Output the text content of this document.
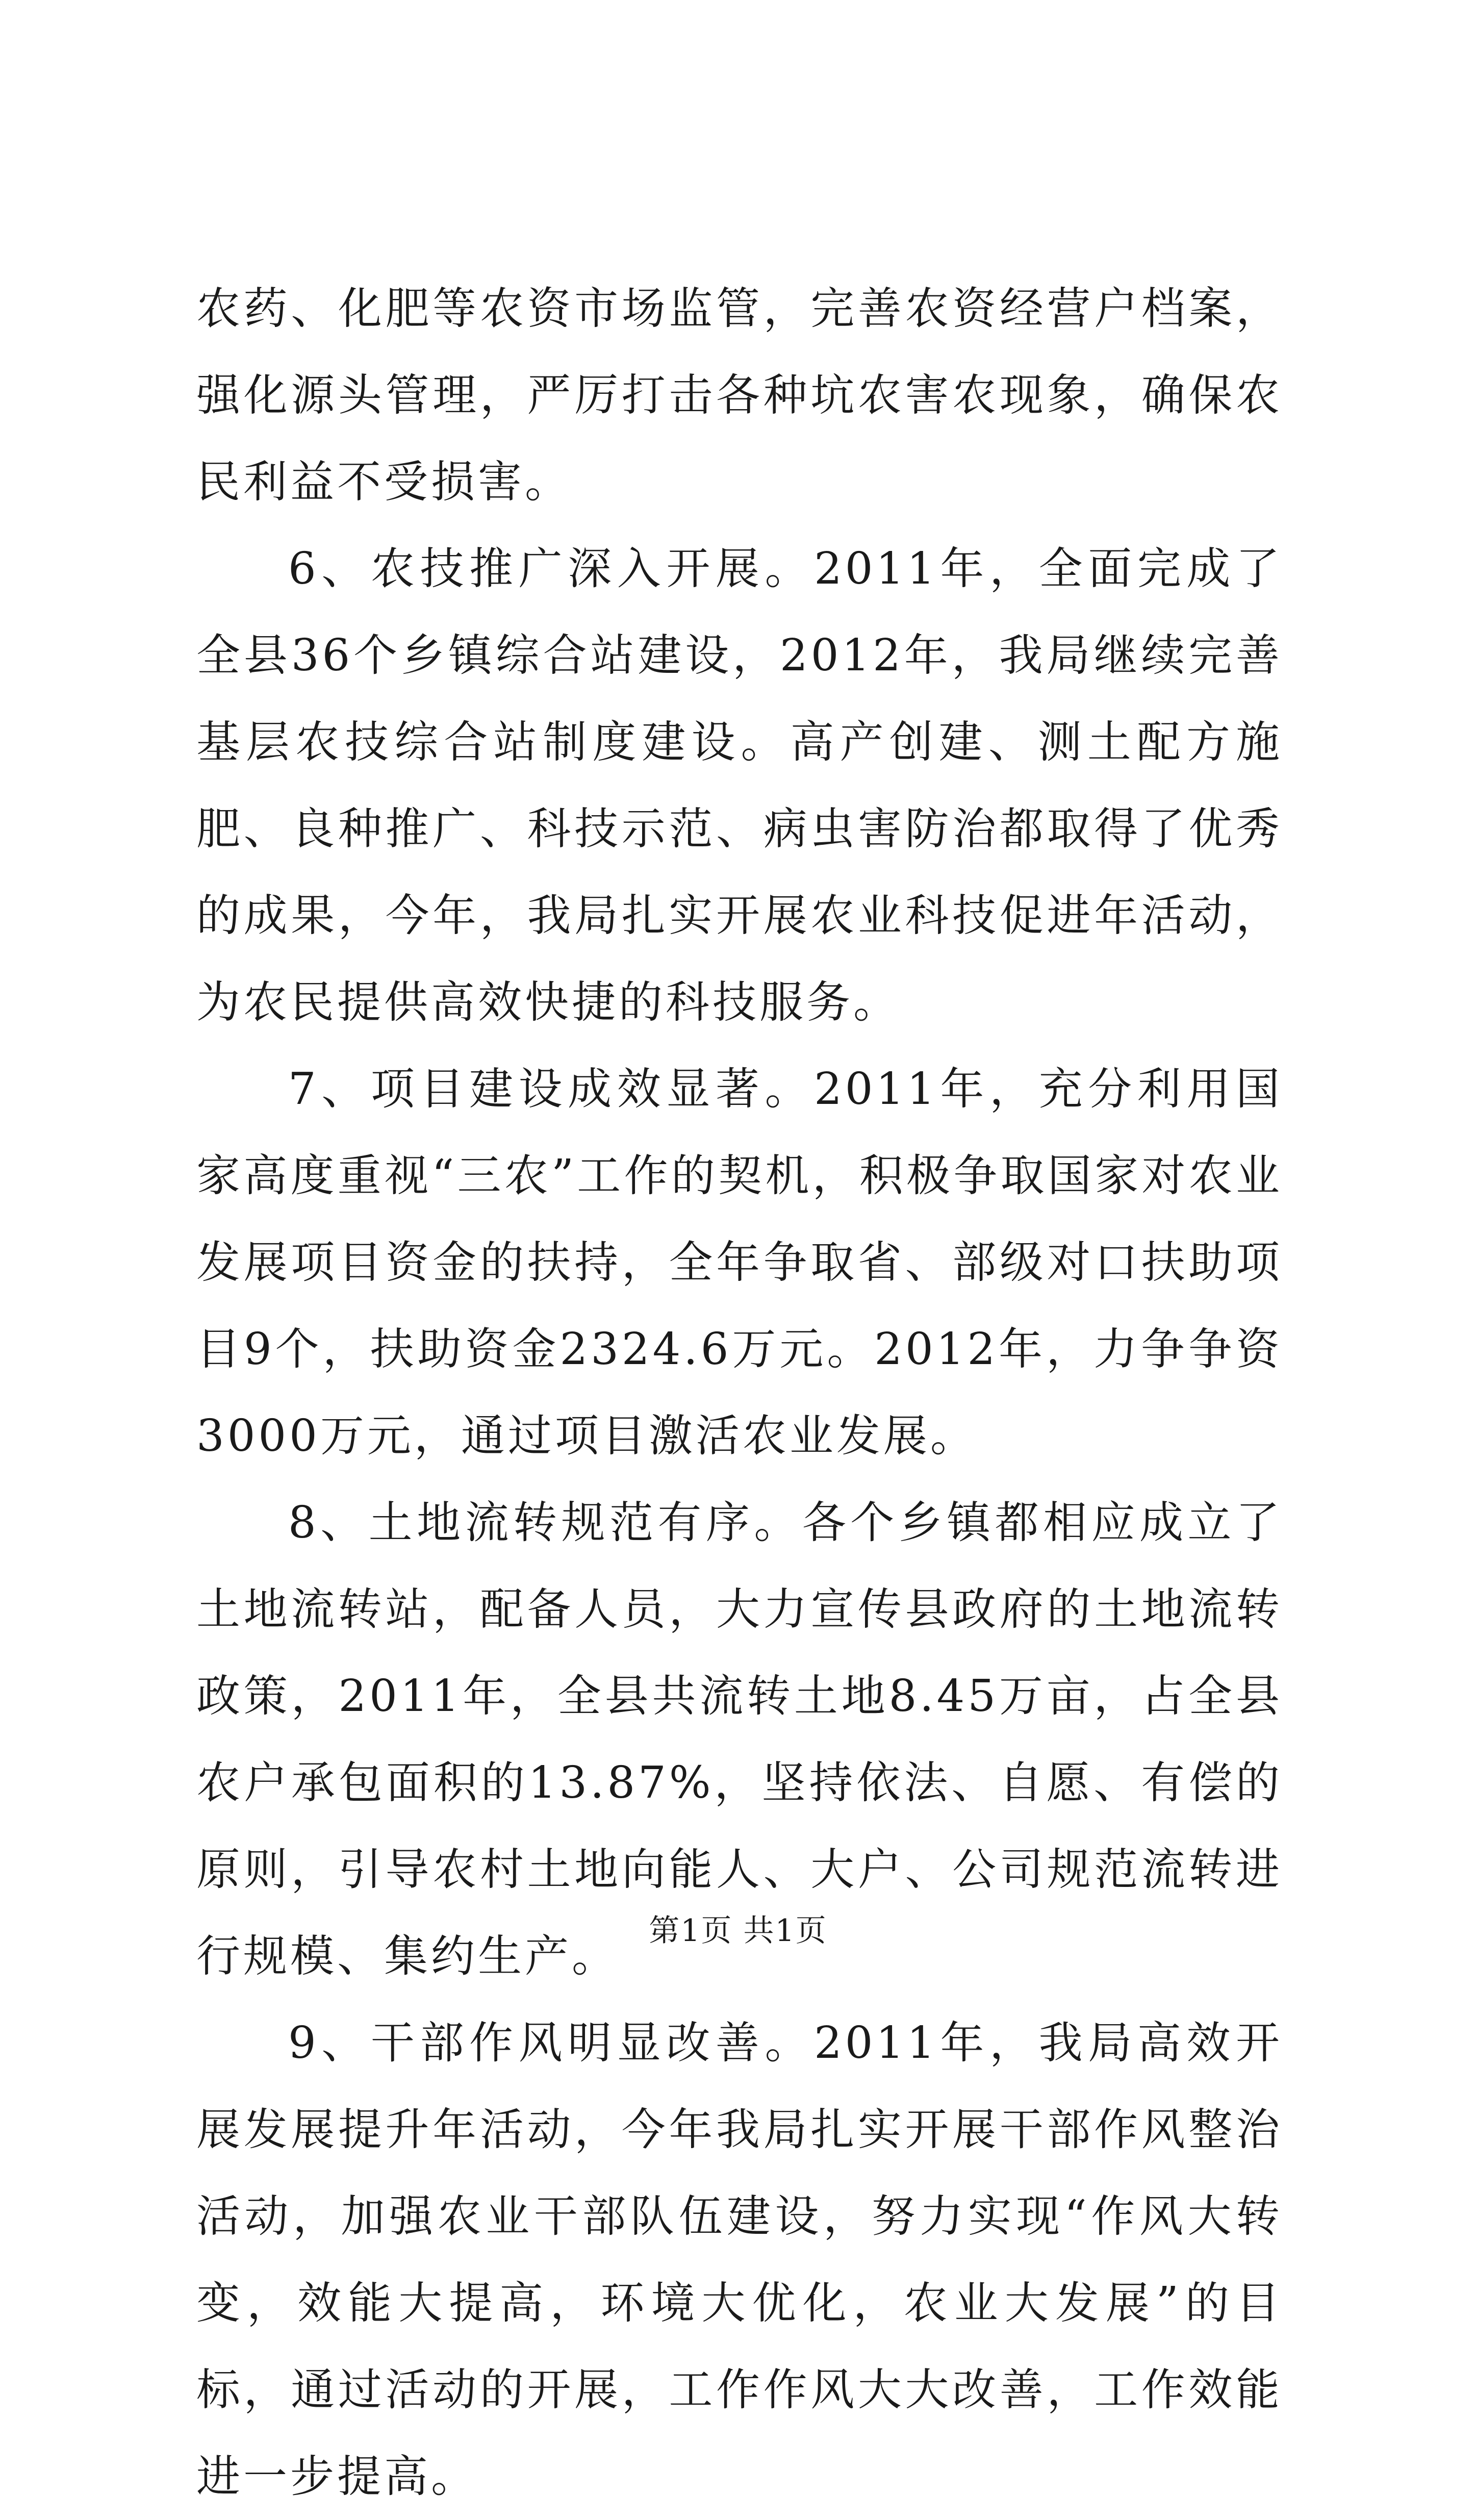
农药、化肥等农资市场监管，完善农资经营户档案，强化源头管理，严厉打击各种坑农害农现象，确保农民利益不受损害。

6、农技推广深入开展。2011年，全面完成了全县36个乡镇综合站建设，2012年，我局继续完善基层农技综合站制度建设。高产创建、测土配方施肥、良种推广、科技示范、病虫害防治都取得了优秀的成果，今年，我局扎实开展农业科技促进年活动，为农民提供高效快捷的科技服务。

7、项目建设成效显著。2011年，充分利用国家高度重视“三农”工作的契机，积极争取国家对农业发展项目资金的扶持，全年争取省、部级对口扶助项目9个，扶助资金2324.6万元。2012年，力争争资3000万元，通过项目激活农业发展。

8、土地流转规范有序。各个乡镇都相应成立了土地流转站，配备人员，大力宣传县政府的土地流转政策，2011年，全县共流转土地8.45万亩，占全县农户承包面积的13.87%，坚持依法、自愿、有偿的原则，引导农村土地向能人、大户、公司规范流转进行规模、集约生产。

9、干部作风明显改善。2011年，我局高效开展发展提升年活动，今年我局扎实开展干部作风整治活动，加强农业干部队伍建设，努力实现“作风大转变，效能大提高，环境大优化，农业大发展”的目标，通过活动的开展，工作作风大大改善，工作效能进一步提高。

第1页 共1页
